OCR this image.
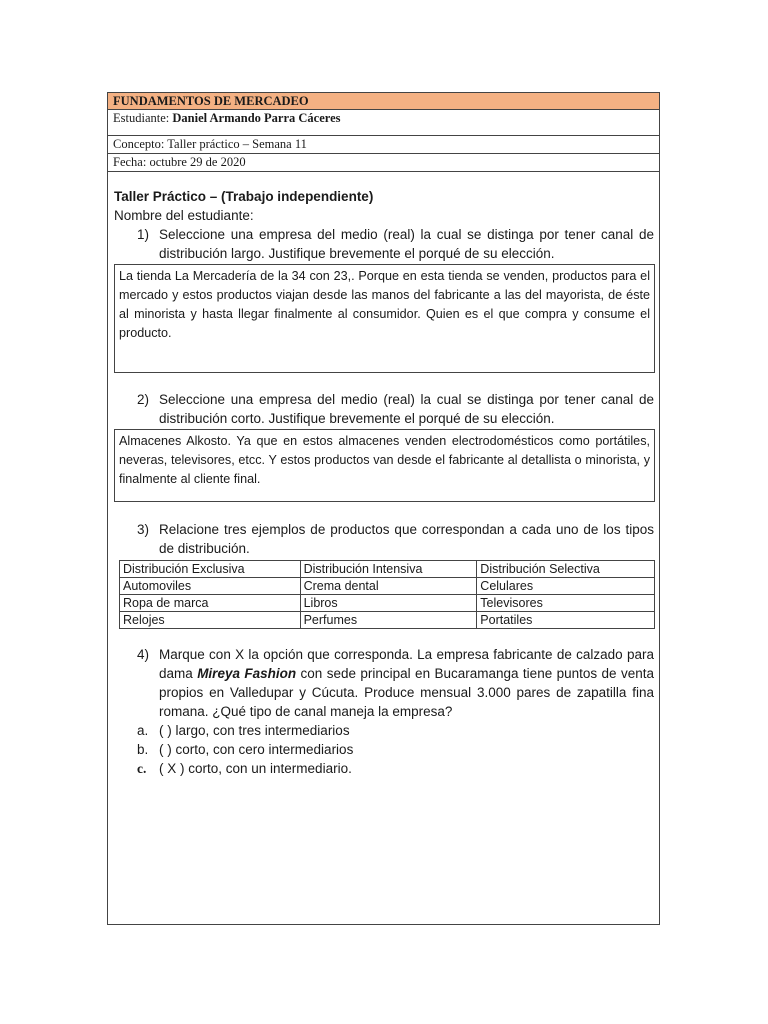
FUNDAMENTOS DE MERCADEO
Estudiante: Daniel Armando Parra Cáceres
Concepto: Taller práctico – Semana 11
Fecha: octubre 29 de 2020
Taller Práctico – (Trabajo independiente)
Nombre del estudiante:
1) Seleccione una empresa del medio (real) la cual se distinga por tener canal de distribución largo. Justifique brevemente el porqué de su elección.
La tienda La Mercadería de la 34 con 23,. Porque en esta tienda se venden, productos para el mercado y estos productos viajan desde las manos del fabricante a las del mayorista, de éste al minorista y hasta llegar finalmente al consumidor. Quien es el que compra y consume el producto.
2) Seleccione una empresa del medio (real) la cual se distinga por tener canal de distribución corto. Justifique brevemente el porqué de su elección.
Almacenes Alkosto. Ya que en estos almacenes venden electrodomésticos como portátiles, neveras, televisores, etcc. Y estos productos van desde el fabricante al detallista o minorista, y finalmente al cliente final.
3) Relacione tres ejemplos de productos que correspondan a cada uno de los tipos de distribución.
Distribución Exclusiva	Distribución Intensiva	Distribución Selectiva
Automoviles	Crema dental	Celulares
Ropa de marca	Libros	Televisores
Relojes	Perfumes	Portatiles
4) Marque con X la opción que corresponda. La empresa fabricante de calzado para dama Mireya Fashion con sede principal en Bucaramanga tiene puntos de venta propios en Valledupar y Cúcuta. Produce mensual 3.000 pares de zapatilla fina romana. ¿Qué tipo de canal maneja la empresa?
a. ( ) largo, con tres intermediarios
b. ( ) corto, con cero intermediarios
c. ( X ) corto, con un intermediario.
